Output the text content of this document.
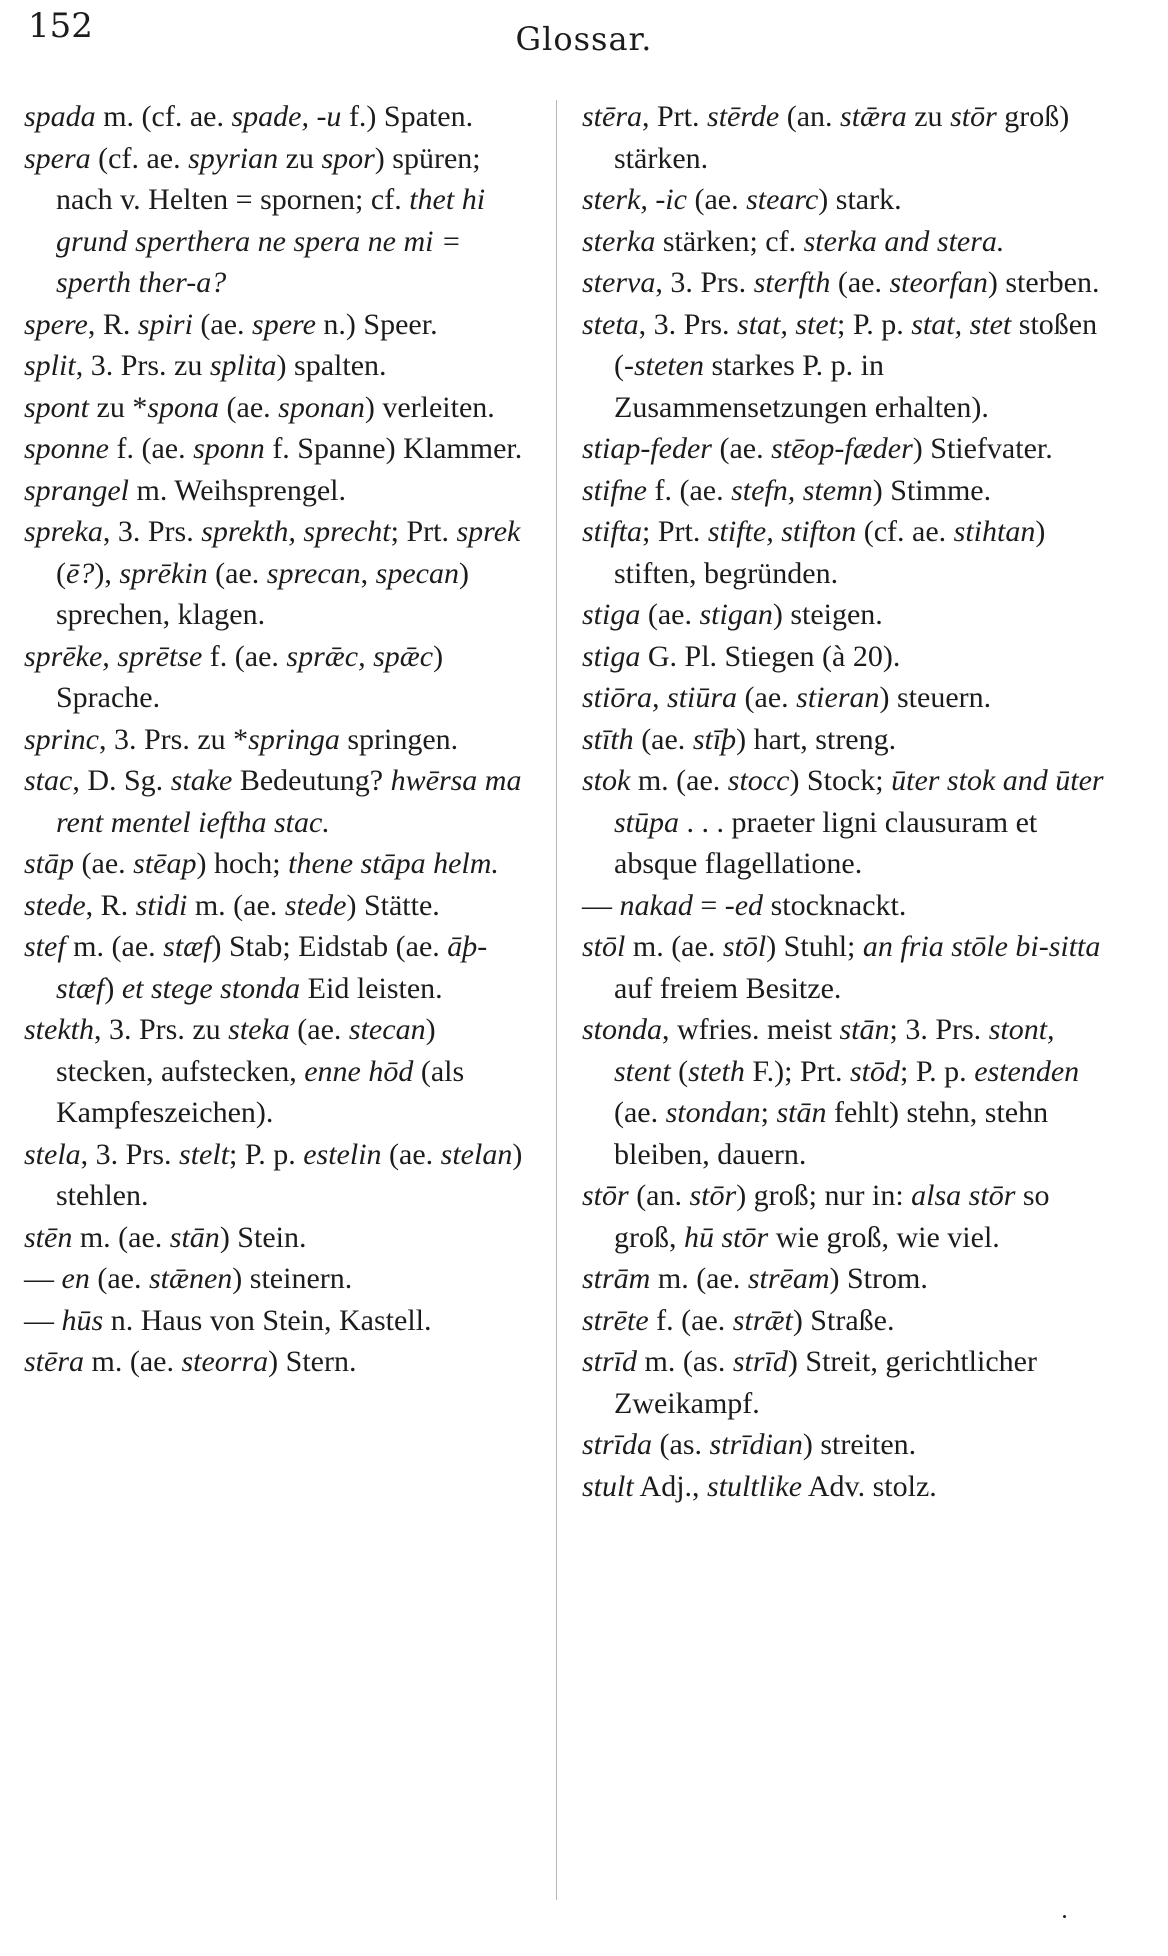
152	Glossar.

spada m. (cf. ae. spade, -u f.) Spaten.

spera (cf. ae. spyrian zu spor) spüren; nach v. Helten = spornen; cf. thet hi grund sperthera ne spera ne mi = sperth ther-a?

spere, R. spiri (ae. spere n.) Speer.

split, 3. Prs. zu splita) spalten.

spont zu *spona (ae. sponan) verleiten.

sponne f. (ae. sponn f. Spanne) Klammer.

sprangel m. Weihsprengel.

spreka, 3. Prs. sprekth, sprecht; Prt. sprek (ē?), sprēkin (ae. sprecan, specan) sprechen, klagen.

sprēke, sprētse f. (ae. sprǣc, spǣc) Sprache.

sprinc, 3. Prs. zu *springa springen.

stac, D. Sg. stake Bedeutung? hwērsa ma rent mentel ieftha stac.

stāp (ae. stēap) hoch; thene stāpa helm.

stede, R. stidi m. (ae. stede) Stätte.

stef m. (ae. stæf) Stab; Eidstab (ae. āþ-stæf) et stege stonda Eid leisten.

stekth, 3. Prs. zu steka (ae. stecan) stecken, aufstecken, enne hōd (als Kampfeszeichen).

stela, 3. Prs. stelt; P. p. estelin (ae. stelan) stehlen.

stēn m. (ae. stān) Stein.

— en (ae. stǣnen) steinern.

— hūs n. Haus von Stein, Kastell.

stēra m. (ae. steorra) Stern.

stēra, Prt. stērde (an. stǣra zu stōr groß) stärken.

sterk, -ic (ae. stearc) stark.

sterka stärken; cf. sterka and stera.

sterva, 3. Prs. sterfth (ae. steorfan) sterben.

steta, 3. Prs. stat, stet; P. p. stat, stet stoßen (-steten starkes P. p. in Zusammensetzungen erhalten).

stiap-feder (ae. stēop-fæder) Stiefvater.

stifne f. (ae. stefn, stemn) Stimme.

stifta; Prt. stifte, stifton (cf. ae. stihtan) stiften, begründen.

stiga (ae. stigan) steigen.

stiga G. Pl. Stiegen (à 20).

stiōra, stiūra (ae. stieran) steuern.

stīth (ae. stīþ) hart, streng.

stok m. (ae. stocc) Stock; ūter stok and ūter stūpa . . . praeter ligni clausuram et absque flagellatione.

— nakad = -ed stocknackt.

stōl m. (ae. stōl) Stuhl; an fria stōle bi-sitta auf freiem Besitze.

stonda, wfries. meist stān; 3. Prs. stont, stent (steth F.); Prt. stōd; P. p. estenden (ae. stondan; stān fehlt) stehn, stehn bleiben, dauern.

stōr (an. stōr) groß; nur in: alsa stōr so groß, hū stōr wie groß, wie viel.

strām m. (ae. strēam) Strom.

strēte f. (ae. strǣt) Straße.

strīd m. (as. strīd) Streit, gerichtlicher Zweikampf.

strīda (as. strīdian) streiten.

stult Adj., stultlike Adv. stolz.

˙
